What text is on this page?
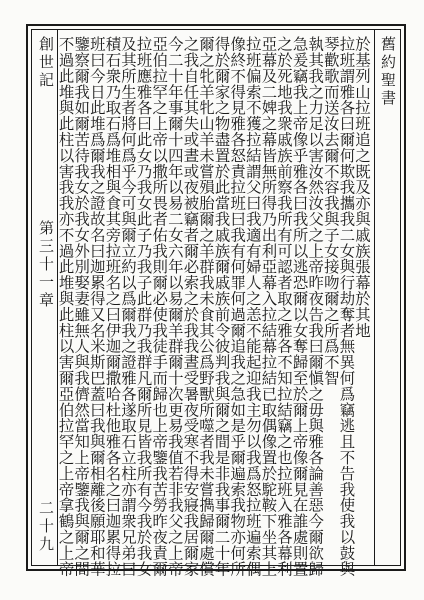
舊約聖書
創世記
第三十一章
二十九
於基列山拉班追之既及亦與戚族張幕於其地
拉班謂雅各曰爾何欺我攜我二女與行劫奪者無異何爲竊逃且不告我使我以鼓與
琴歡歌而送汝去爾不容我與子女接吻爾之所爲不智
執其我之力足以害汝然汝父之上帝昨夜告我曰爾愼之毋與雅各論善惡今爾欲歸
急爰竊我上帝像乎雅各曰我所以逃恐爾以女奪歸至於爾上帝像爾見在誰處則置
之於死地我衆戚族前察我所有可認者取之雅各不知拉結竊之也拉班入雅各幕利
亞幕及二婢之幕皆無所得乃出利亞幕入拉結幕拉結已取偶像置於駝鞍下坐其上
拉班偏索不獲拉結謂父曰我適有婦人之恙不能起迎我主勿以我爲怒拉班遍索偶
像終不得見雅各怒責拉班曰我有何罪何過爾追我之急如是乎爾遍索我物亦何所
得於爾家之物盡置於此當我戚族爾戚族前令彼判我與爾之間是非我事爾二十年
爾之牝羊牝山羊未嘗殞胎爾之羊群我未食其公爲野獸所噬者我未嘗擕歸爾處償
之我自任其失或晝或夜被竊者爾必索之於我我晝受暑夜受寒不得安寢我居爾家
今二十年事爾十四年以易二女六年以易爾羊群爾十次更易我值若非我父之上帝
亞伯拉罕之上帝以撒所畏者佑我則爾必使我徒手而歸也上帝鑒我苦勞昨夜責爾
拉班應雅各曰此女乃我女此子乃我子此群乃我群凡爾所見皆我所有今我於我女
及其所生者將何爲乎今可與爾立約以爲爾我之證雅各遂取石立柱亦謂衆兄弟曰
積石衆乃取石爲堆相與食其旁拉班名之曰伊迦爾撒哈杜他雅各名之曰迦累得拉
班曰今日此堆爲爾我之證故名曰迦累得又名米斯巴蓋曰我與爾相離後願耶和華
鑒察爾我如爾苦待我女於我女外別娶妻雖無人與我儕然當知上帝鑒我與爾之間
不過此堆與此柱以害我我亦不過此堆與此柱以害爾亞伯拉罕之上帝拿鶴之上帝
